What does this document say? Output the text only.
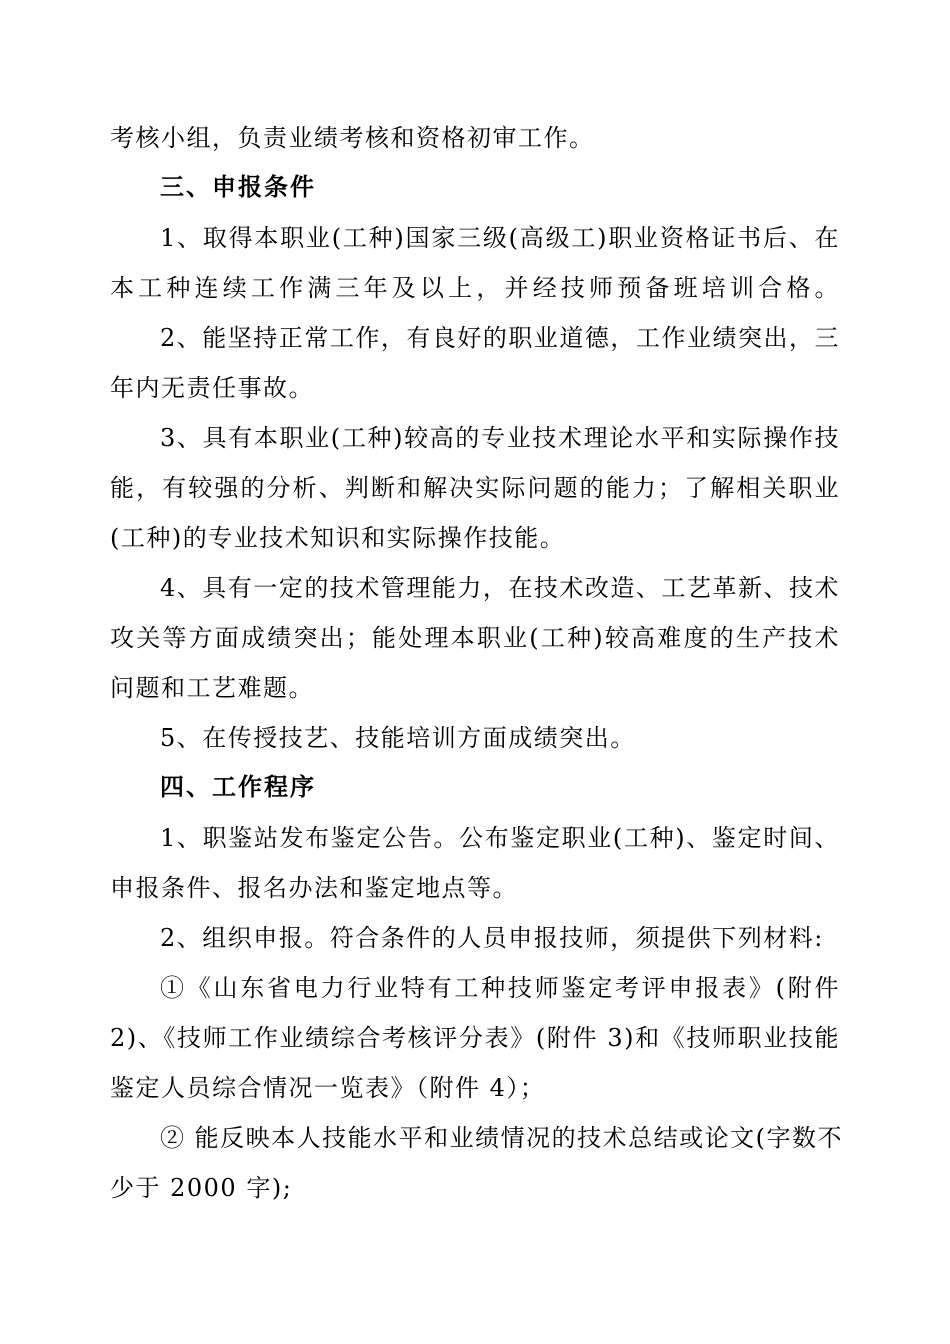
考核小组，负责业绩考核和资格初审工作。
三、申报条件
1、取得本职业(工种)国家三级(高级工)职业资格证书后、在
本工种连续工作满三年及以上，并经技师预备班培训合格。
2、能坚持正常工作，有良好的职业道德，工作业绩突出，三
年内无责任事故。
3、具有本职业(工种)较高的专业技术理论水平和实际操作技
能，有较强的分析、判断和解决实际问题的能力；了解相关职业
(工种)的专业技术知识和实际操作技能。
4、具有一定的技术管理能力，在技术改造、工艺革新、技术
攻关等方面成绩突出；能处理本职业(工种)较高难度的生产技术
问题和工艺难题。
5、在传授技艺、技能培训方面成绩突出。
四、工作程序
1、职鉴站发布鉴定公告。公布鉴定职业(工种)、鉴定时间、
申报条件、报名办法和鉴定地点等。
2、组织申报。符合条件的人员申报技师，须提供下列材料:
①《山东省电力行业特有工种技师鉴定考评申报表》(附件
2)、《技师工作业绩综合考核评分表》(附件 3)和《技师职业技能
鉴定人员综合情况一览表》（附件 4）；
② 能反映本人技能水平和业绩情况的技术总结或论文(字数不
少于 2000 字);
